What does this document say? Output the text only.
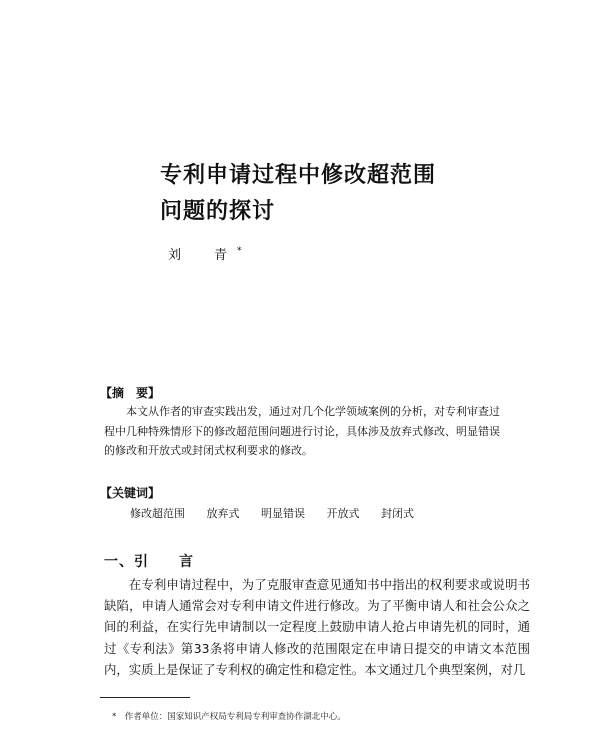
专利申请过程中修改超范围
问题的探讨
刘　青*
【摘　要】
本文从作者的审查实践出发，通过对几个化学领域案例的分析，对专利审查过程中几种特殊情形下的修改超范围问题进行讨论，具体涉及放弃式修改、明显错误的修改和开放式或封闭式权利要求的修改。
【关键词】
修改超范围 放弃式 明显错误 开放式 封闭式
一、引 言

在专利申请过程中，为了克服审查意见通知书中指出的权利要求或说明书缺陷，申请人通常会对专利申请文件进行修改。为了平衡申请人和社会公众之间的利益，在实行先申请制以一定程度上鼓励申请人抢占申请先机的同时，通过《专利法》第33条将申请人修改的范围限定在申请日提交的申请文本范围内，实质上是保证了专利权的确定性和稳定性。本文通过几个典型案例，对几

*　作者单位：国家知识产权局专利局专利审查协作湖北中心。
